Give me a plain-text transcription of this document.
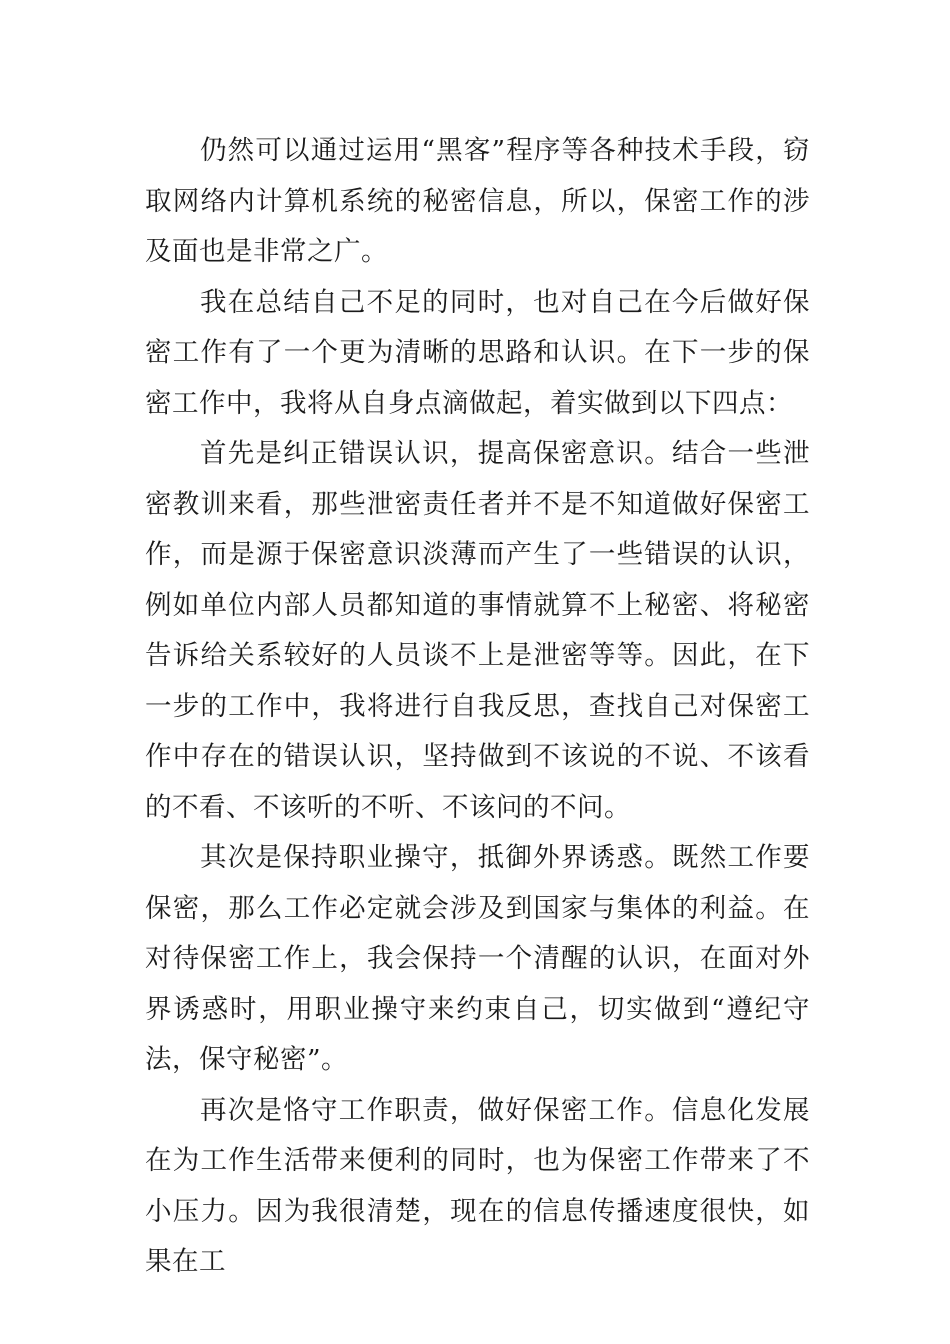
仍然可以通过运用“黑客”程序等各种技术手段，窃取网络内计算机系统的秘密信息，所以，保密工作的涉及面也是非常之广。

我在总结自己不足的同时，也对自己在今后做好保密工作有了一个更为清晰的思路和认识。在下一步的保密工作中，我将从自身点滴做起，着实做到以下四点：

首先是纠正错误认识，提高保密意识。结合一些泄密教训来看，那些泄密责任者并不是不知道做好保密工作，而是源于保密意识淡薄而产生了一些错误的认识，例如单位内部人员都知道的事情就算不上秘密、将秘密告诉给关系较好的人员谈不上是泄密等等。因此，在下一步的工作中，我将进行自我反思，查找自己对保密工作中存在的错误认识，坚持做到不该说的不说、不该看的不看、不该听的不听、不该问的不问。

其次是保持职业操守，抵御外界诱惑。既然工作要保密，那么工作必定就会涉及到国家与集体的利益。在对待保密工作上，我会保持一个清醒的认识，在面对外界诱惑时，用职业操守来约束自己，切实做到“遵纪守法，保守秘密”。

再次是恪守工作职责，做好保密工作。信息化发展在为工作生活带来便利的同时，也为保密工作带来了不小压力。因为我很清楚，现在的信息传播速度很快，如果在工
